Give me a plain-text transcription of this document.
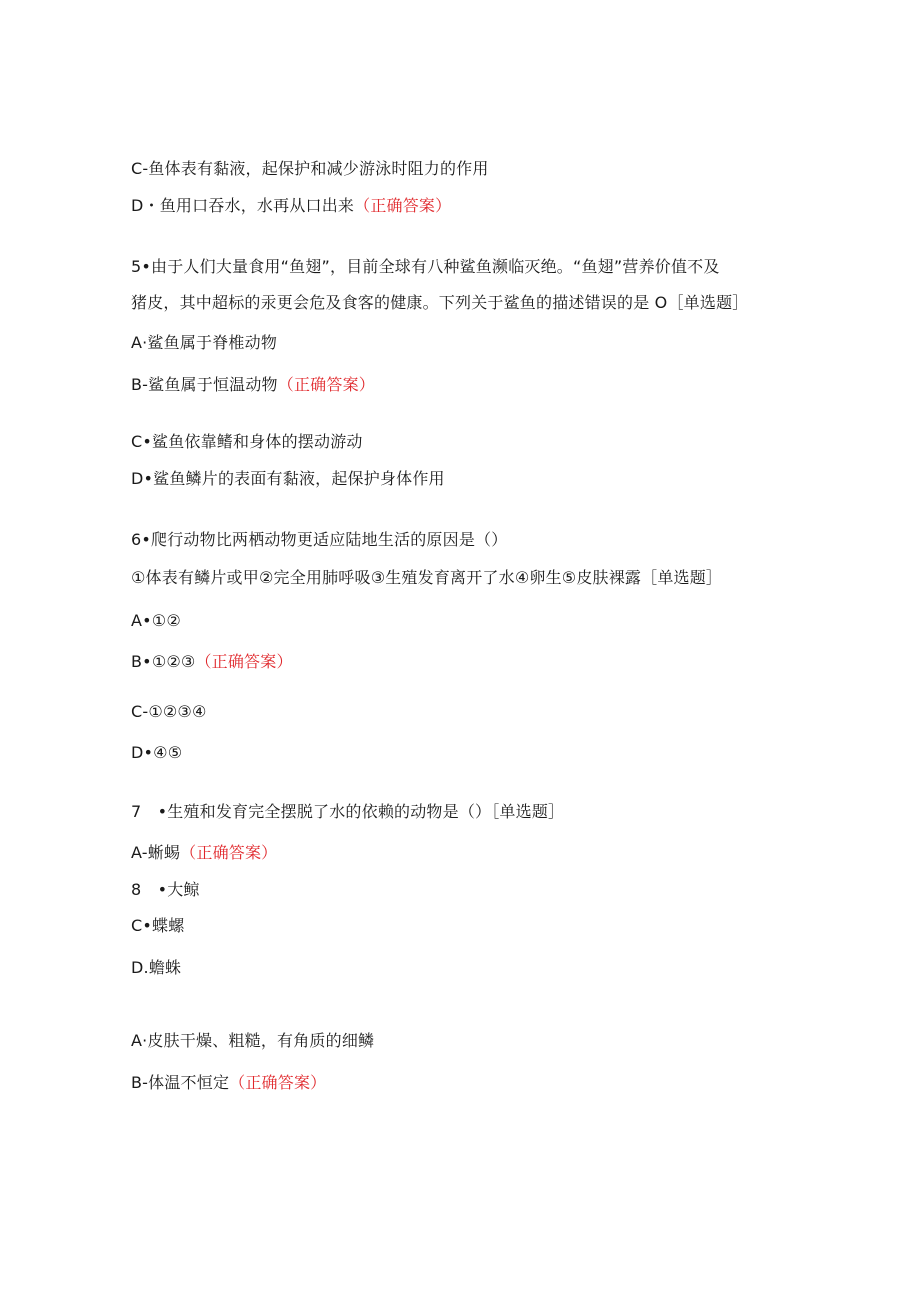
C-鱼体表有黏液，起保护和减少游泳时阻力的作用
D・鱼用口吞水，水再从口出来（正确答案）
5•由于人们大量食用“鱼翅”，目前全球有八种鲨鱼濒临灭绝。“鱼翅”营养价值不及
猪皮，其中超标的汞更会危及食客的健康。下列关于鲨鱼的描述错误的是 O［单选题］
A·鲨鱼属于脊椎动物
B-鲨鱼属于恒温动物（正确答案）
C•鲨鱼依靠鳍和身体的摆动游动
D•鲨鱼鳞片的表面有黏液，起保护身体作用
6•爬行动物比两栖动物更适应陆地生活的原因是（）
①体表有鳞片或甲②完全用肺呼吸③生殖发育离开了水④卵生⑤皮肤裸露［单选题］
A•①②
B•①②③（正确答案）
C-①②③④
D•④⑤
7　•生殖和发育完全摆脱了水的依赖的动物是（）［单选题］
A-蜥蜴（正确答案）
8　•大鲸
C•蝶螺
D.蟾蛛
A·皮肤干燥、粗糙，有角质的细鳞
B-体温不恒定（正确答案）
